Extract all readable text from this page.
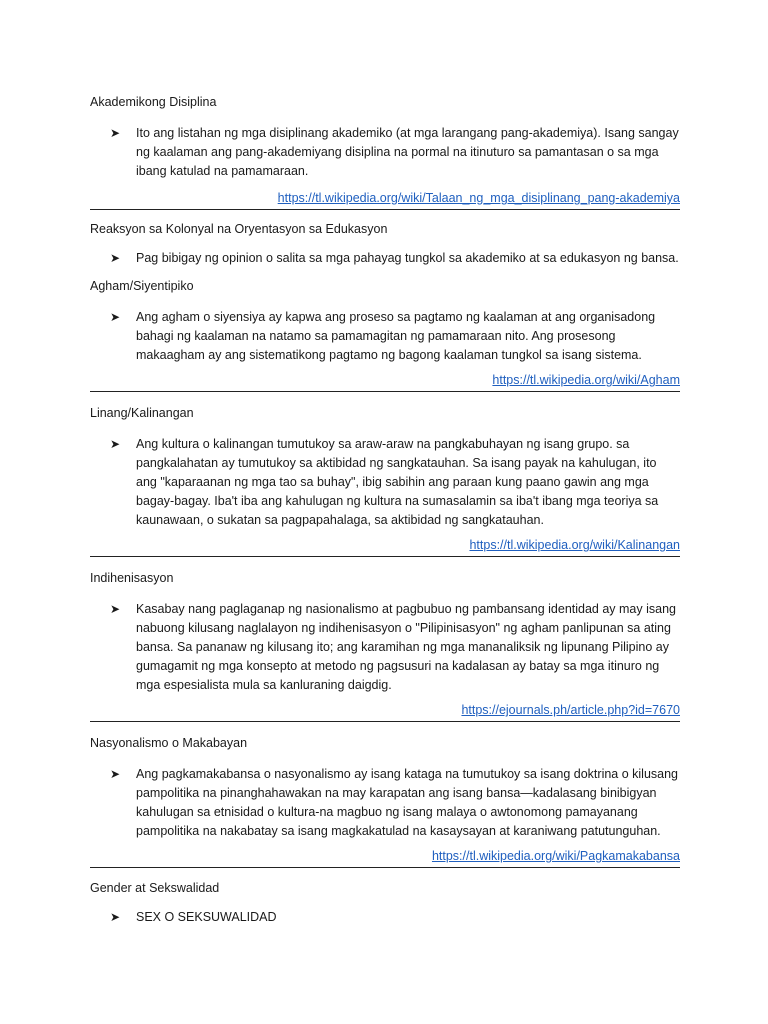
Akademikong Disiplina

➤ Ito ang listahan ng mga disiplinang akademiko (at mga larangang pang-akademiya). Isang sangay ng kaalaman ang pang-akademiyang disiplina na pormal na itinuturo sa pamantasan o sa mga ibang katulad na pamamaraan.

https://tl.wikipedia.org/wiki/Talaan_ng_mga_disiplinang_pang-akademiya

Reaksyon sa Kolonyal na Oryentasyon sa Edukasyon

➤ Pag bibigay ng opinion o salita sa mga pahayag tungkol sa akademiko at sa edukasyon ng bansa.

Agham/Siyentipiko

➤ Ang agham o siyensiya ay kapwa ang proseso sa pagtamo ng kaalaman at ang organisadong bahagi ng kaalaman na natamo sa pamamagitan ng pamamaraan nito. Ang prosesong makaagham ay ang sistematikong pagtamo ng bagong kaalaman tungkol sa isang sistema.

https://tl.wikipedia.org/wiki/Agham

Linang/Kalinangan

➤ Ang kultura o kalinangan tumutukoy sa araw-araw na pangkabuhayan ng isang grupo. sa pangkalahatan ay tumutukoy sa aktibidad ng sangkatauhan. Sa isang payak na kahulugan, ito ang "kaparaanan ng mga tao sa buhay", ibig sabihin ang paraan kung paano gawin ang mga bagay-bagay. Iba't iba ang kahulugan ng kultura na sumasalamin sa iba't ibang mga teoriya sa kaunawaan, o sukatan sa pagpapahalaga, sa aktibidad ng sangkatauhan.

https://tl.wikipedia.org/wiki/Kalinangan

Indihenisasyon

➤ Kasabay nang paglaganap ng nasionalismo at pagbubuo ng pambansang identidad ay may isang nabuong kilusang naglalayon ng indihenisasyon o "Pilipinisasyon" ng agham panlipunan sa ating bansa. Sa pananaw ng kilusang ito; ang karamihan ng mga mananaliksik ng lipunang Pilipino ay gumagamit ng mga konsepto at metodo ng pagsusuri na kadalasan ay batay sa mga itinuro ng mga espesialista mula sa kanluraning daigdig.

https://ejournals.ph/article.php?id=7670

Nasyonalismo o Makabayan

➤ Ang pagkamakabansa o nasyonalismo ay isang kataga na tumutukoy sa isang doktrina o kilusang pampolitika na pinanghahawakan na may karapatan ang isang bansa—kadalasang binibigyan kahulugan sa etnisidad o kultura-na magbuo ng isang malaya o awtonomong pamayanang pampolitika na nakabatay sa isang magkakatulad na kasaysayan at karaniwang patutunguhan.

https://tl.wikipedia.org/wiki/Pagkamakabansa

Gender at Sekswalidad

➤ SEX O SEKSUWALIDAD
